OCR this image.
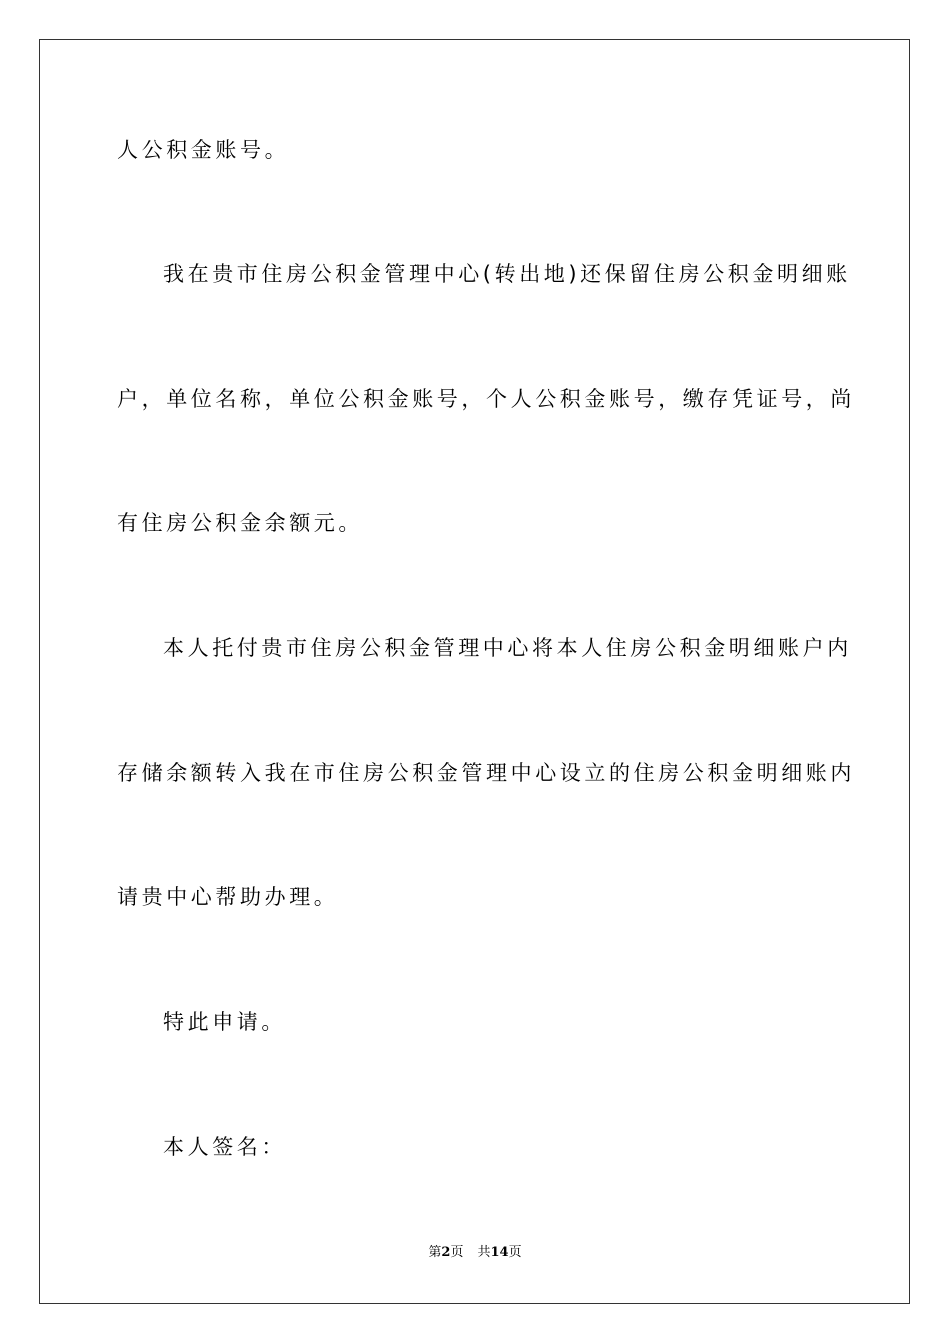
人公积金账号。
我在贵市住房公积金管理中心(转出地)还保留住房公积金明细账
户，单位名称，单位公积金账号，个人公积金账号，缴存凭证号，尚
有住房公积金余额元。
本人托付贵市住房公积金管理中心将本人住房公积金明细账户内
存储余额转入我在市住房公积金管理中心设立的住房公积金明细账内
请贵中心帮助办理。
特此申请。
本人签名：
第2页 共14页
